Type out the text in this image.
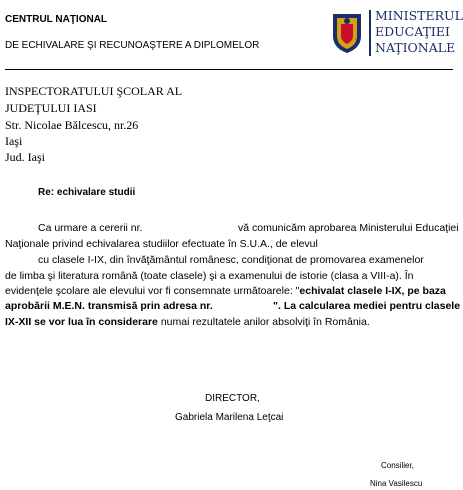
CENTRUL NAŢIONAL
DE ECHIVALARE ŞI RECUNOAŞTERE A DIPLOMELOR
MINISTERUL
EDUCAŢIEI
NAŢIONALE
INSPECTORATULUI ŞCOLAR AL
JUDEŢULUI IASI
Str. Nicolae Bălcescu, nr.26
Iaşi
Jud. Iaşi
Re: echivalare studii
Ca urmare a cererii nr.	vă comunicăm aprobarea Ministerului Educaţiei
Naţionale privind echivalarea studiilor efectuate în S.U.A., de elevul
cu clasele I-IX, din învăţământul românesc, condiţionat de promovarea examenelor
de limba şi literatura română (toate clasele) şi a examenului de istorie (clasa a VIII-a). În
evidenţele şcolare ale elevului vor fi consemnate următoarele: "echivalat clasele I-IX, pe baza
aprobării M.E.N. transmisă prin adresa nr.	". La calcularea mediei pentru clasele
IX-XII se vor lua în considerare numai rezultatele anilor absolviţi în România.
DIRECTOR,
Gabriela Marilena Leţcai
Consilier,
Nina Vasilescu
